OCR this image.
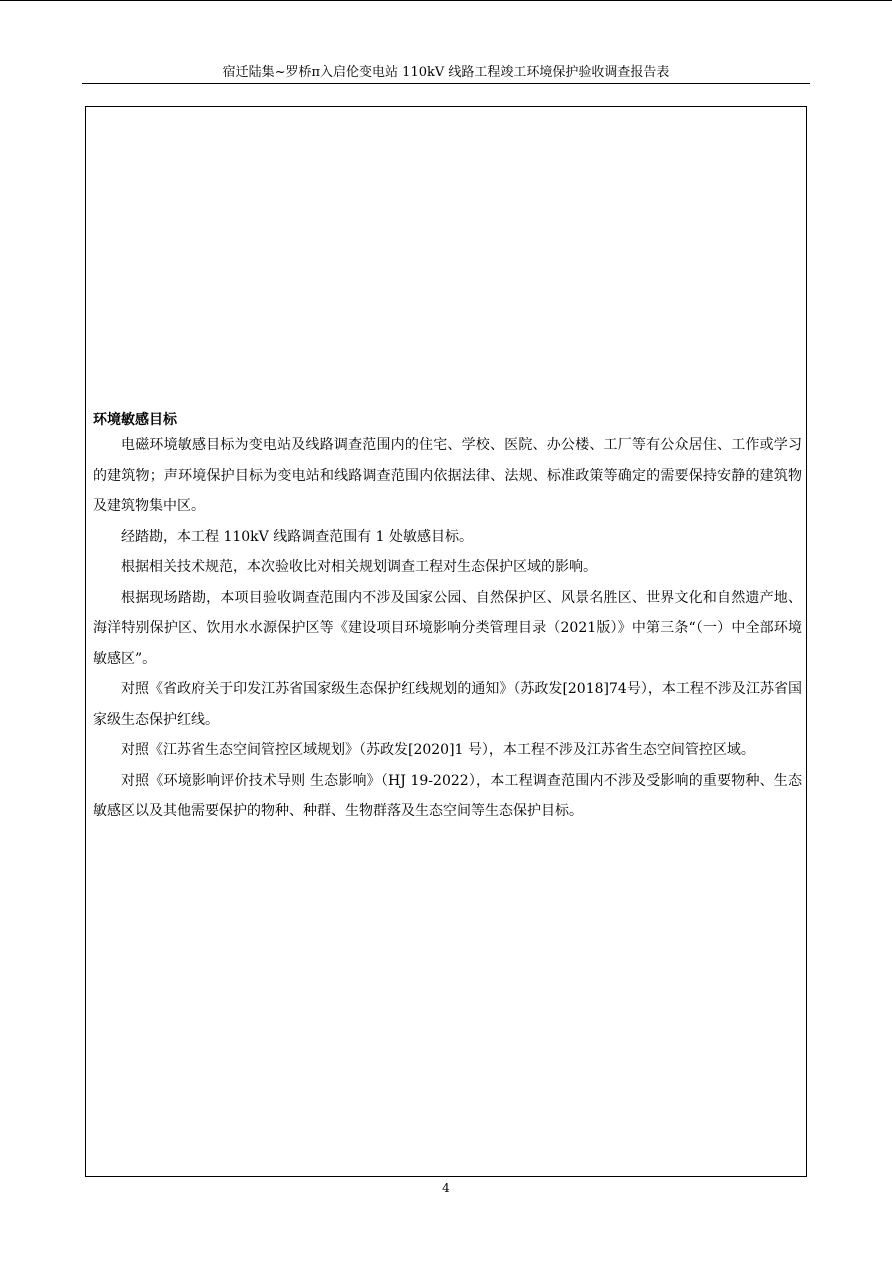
宿迁陆集~罗桥π入启伦变电站 110kV 线路工程竣工环境保护验收调查报告表

环境敏感目标

电磁环境敏感目标为变电站及线路调查范围内的住宅、学校、医院、办公楼、工厂等有公众居住、工作或学习的建筑物；声环境保护目标为变电站和线路调查范围内依据法律、法规、标准政策等确定的需要保持安静的建筑物及建筑物集中区。

经踏勘，本工程 110kV 线路调查范围有 1 处敏感目标。

根据相关技术规范，本次验收比对相关规划调查工程对生态保护区域的影响。

根据现场踏勘，本项目验收调查范围内不涉及国家公园、自然保护区、风景名胜区、世界文化和自然遗产地、海洋特别保护区、饮用水水源保护区等《建设项目环境影响分类管理目录（2021版）》中第三条“（一）中全部环境敏感区”。

对照《省政府关于印发江苏省国家级生态保护红线规划的通知》（苏政发[2018]74号），本工程不涉及江苏省国家级生态保护红线。

对照《江苏省生态空间管控区域规划》（苏政发[2020]1 号），本工程不涉及江苏省生态空间管控区域。

对照《环境影响评价技术导则 生态影响》（HJ 19-2022），本工程调查范围内不涉及受影响的重要物种、生态敏感区以及其他需要保护的物种、种群、生物群落及生态空间等生态保护目标。

4
